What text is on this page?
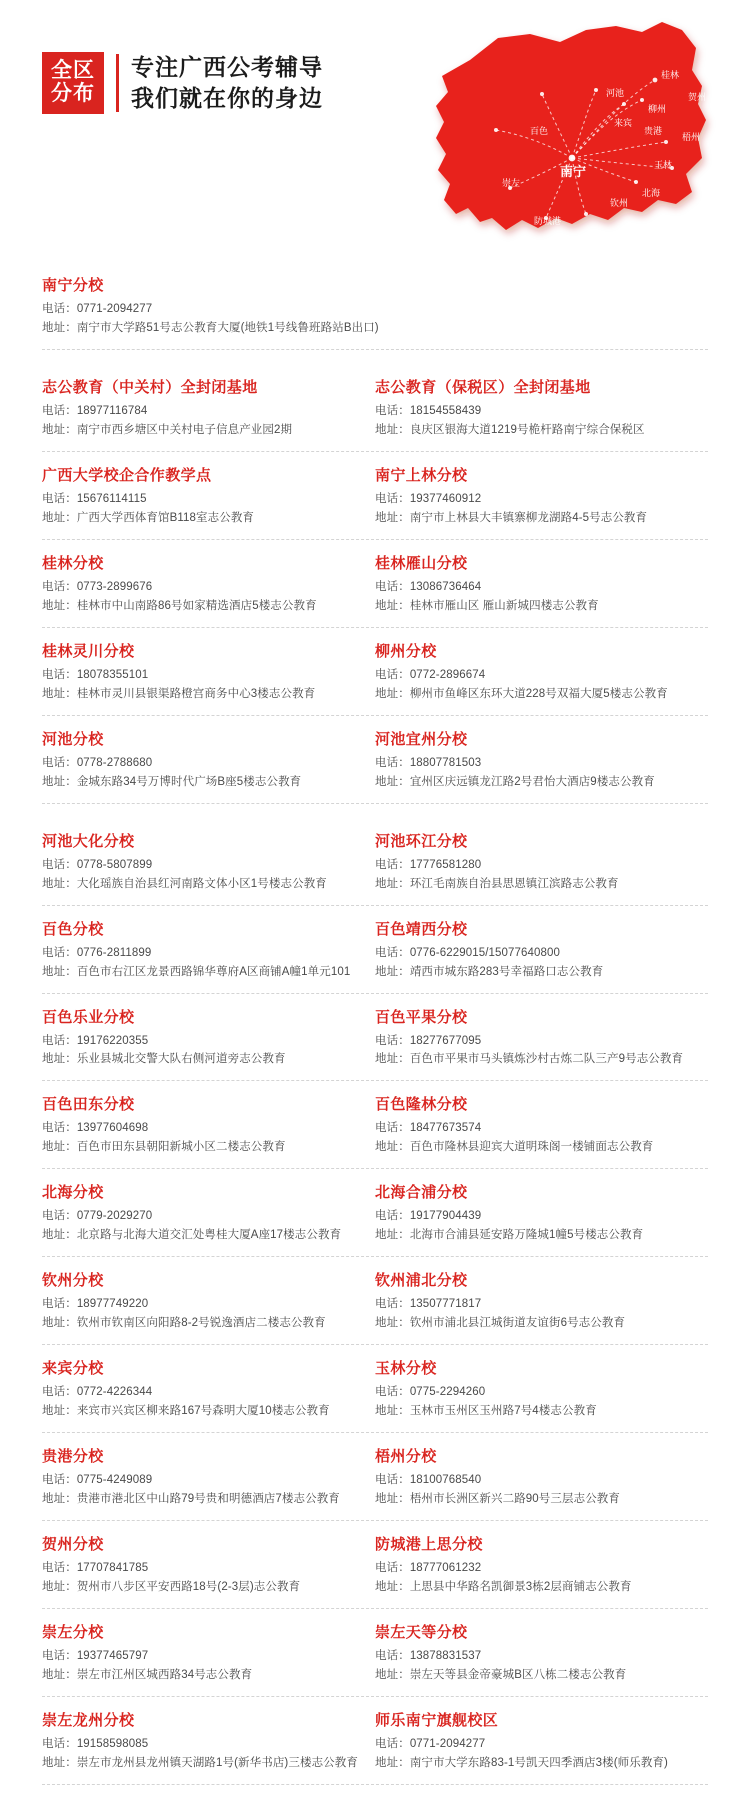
全区
分布
专注广西公考辅导
我们就在你的身边
桂林
贺州
柳州
河池
来宾
梧州
百色	贵港
玉林
崇左
钦州
北海
防城港
南宁
南宁分校
电话：0771-2094277
地址：南宁市大学路51号志公教育大厦(地铁1号线鲁班路站B出口)
志公教育（中关村）全封闭基地
电话：18977116784
地址：南宁市西乡塘区中关村电子信息产业园2期
志公教育（保税区）全封闭基地
电话：18154558439
地址：良庆区银海大道1219号桅杆路南宁综合保税区
广西大学校企合作教学点
电话：15676114115
地址：广西大学西体育馆B118室志公教育
南宁上林分校
电话：19377460912
地址：南宁市上林县大丰镇寨柳龙湖路4-5号志公教育
桂林分校
电话：0773-2899676
地址：桂林市中山南路86号如家精选酒店5楼志公教育
桂林雁山分校
电话：13086736464
地址：桂林市雁山区 雁山新城四楼志公教育
桂林灵川分校
电话：18078355101
地址：桂林市灵川县银渠路橙宫商务中心3楼志公教育
柳州分校
电话：0772-2896674
地址：柳州市鱼峰区东环大道228号双福大厦5楼志公教育
河池分校
电话：0778-2788680
地址：金城东路34号万博时代广场B座5楼志公教育
河池宜州分校
电话：18807781503
地址：宜州区庆远镇龙江路2号君怡大酒店9楼志公教育
河池大化分校
电话：0778-5807899
地址：大化瑶族自治县红河南路文体小区1号楼志公教育
河池环江分校
电话：17776581280
地址：环江毛南族自治县思恩镇江滨路志公教育
百色分校
电话：0776-2811899
地址：百色市右江区龙景西路锦华尊府A区商铺A幢1单元101
百色靖西分校
电话：0776-6229015/15077640800
地址：靖西市城东路283号幸福路口志公教育
百色乐业分校
电话：19176220355
地址：乐业县城北交警大队右侧河道旁志公教育
百色平果分校
电话：18277677095
地址：百色市平果市马头镇炼沙村古炼二队三产9号志公教育
百色田东分校
电话：13977604698
地址：百色市田东县朝阳新城小区二楼志公教育
百色隆林分校
电话：18477673574
地址：百色市隆林县迎宾大道明珠阁一楼铺面志公教育
北海分校
电话：0779-2029270
地址：北京路与北海大道交汇处粤桂大厦A座17楼志公教育
北海合浦分校
电话：19177904439
地址：北海市合浦县延安路万隆城1幢5号楼志公教育
钦州分校
电话：18977749220
地址：钦州市钦南区向阳路8-2号锐逸酒店二楼志公教育
钦州浦北分校
电话：13507771817
地址：钦州市浦北县江城街道友谊街6号志公教育
来宾分校
电话：0772-4226344
地址：来宾市兴宾区柳来路167号森明大厦10楼志公教育
玉林分校
电话：0775-2294260
地址：玉林市玉州区玉州路7号4楼志公教育
贵港分校
电话：0775-4249089
地址：贵港市港北区中山路79号贵和明德酒店7楼志公教育
梧州分校
电话：18100768540
地址：梧州市长洲区新兴二路90号三层志公教育
贺州分校
电话：17707841785
地址：贺州市八步区平安西路18号(2-3层)志公教育
防城港上思分校
电话：18777061232
地址：上思县中华路名凯御景3栋2层商铺志公教育
崇左分校
电话：19377465797
地址：崇左市江州区城西路34号志公教育
崇左天等分校
电话：13878831537
地址：崇左天等县金帝豪城B区八栋二楼志公教育
崇左龙州分校
电话：19158598085
地址：崇左市龙州县龙州镇天湖路1号(新华书店)三楼志公教育
师乐南宁旗舰校区
电话：0771-2094277
地址：南宁市大学东路83-1号凯天四季酒店3楼(师乐教育)
